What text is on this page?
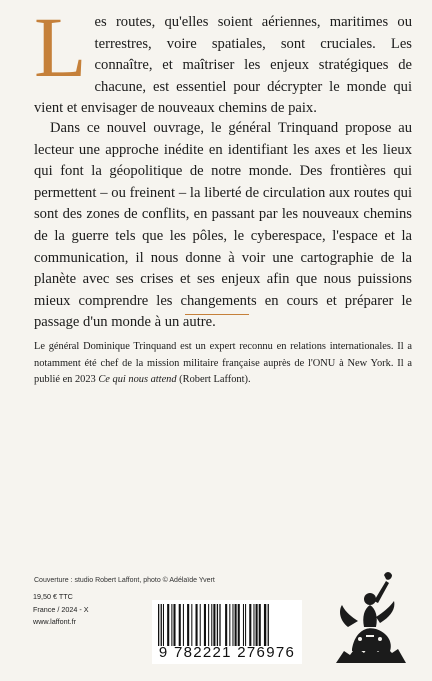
Les routes, qu'elles soient aériennes, maritimes ou terrestres, voire spatiales, sont cruciales. Les connaître, et maîtriser les enjeux stratégiques de chacune, est essentiel pour décrypter le monde qui vient et envisager de nouveaux chemins de paix.

Dans ce nouvel ouvrage, le général Trinquand propose au lecteur une approche inédite en identifiant les axes et les lieux qui font la géopolitique de notre monde. Des frontières qui permettent – ou freinent – la liberté de circulation aux routes qui sont des zones de conflits, en passant par les nouveaux chemins de la guerre tels que les pôles, le cyberespace, l'espace et la communication, il nous donne à voir une cartographie de la planète avec ses crises et ses enjeux afin que nous puissions mieux comprendre les changements en cours et préparer le passage d'un monde à un autre.

Le général Dominique Trinquand est un expert reconnu en relations internationales. Il a notamment été chef de la mission militaire française auprès de l'ONU à New York. Il a publié en 2023 Ce qui nous attend (Robert Laffont).

Couverture : studio Robert Laffont, photo © Adélaïde Yvert

19,50 € TTC
France / 2024 - X
www.laffont.fr
9 782221 276976
